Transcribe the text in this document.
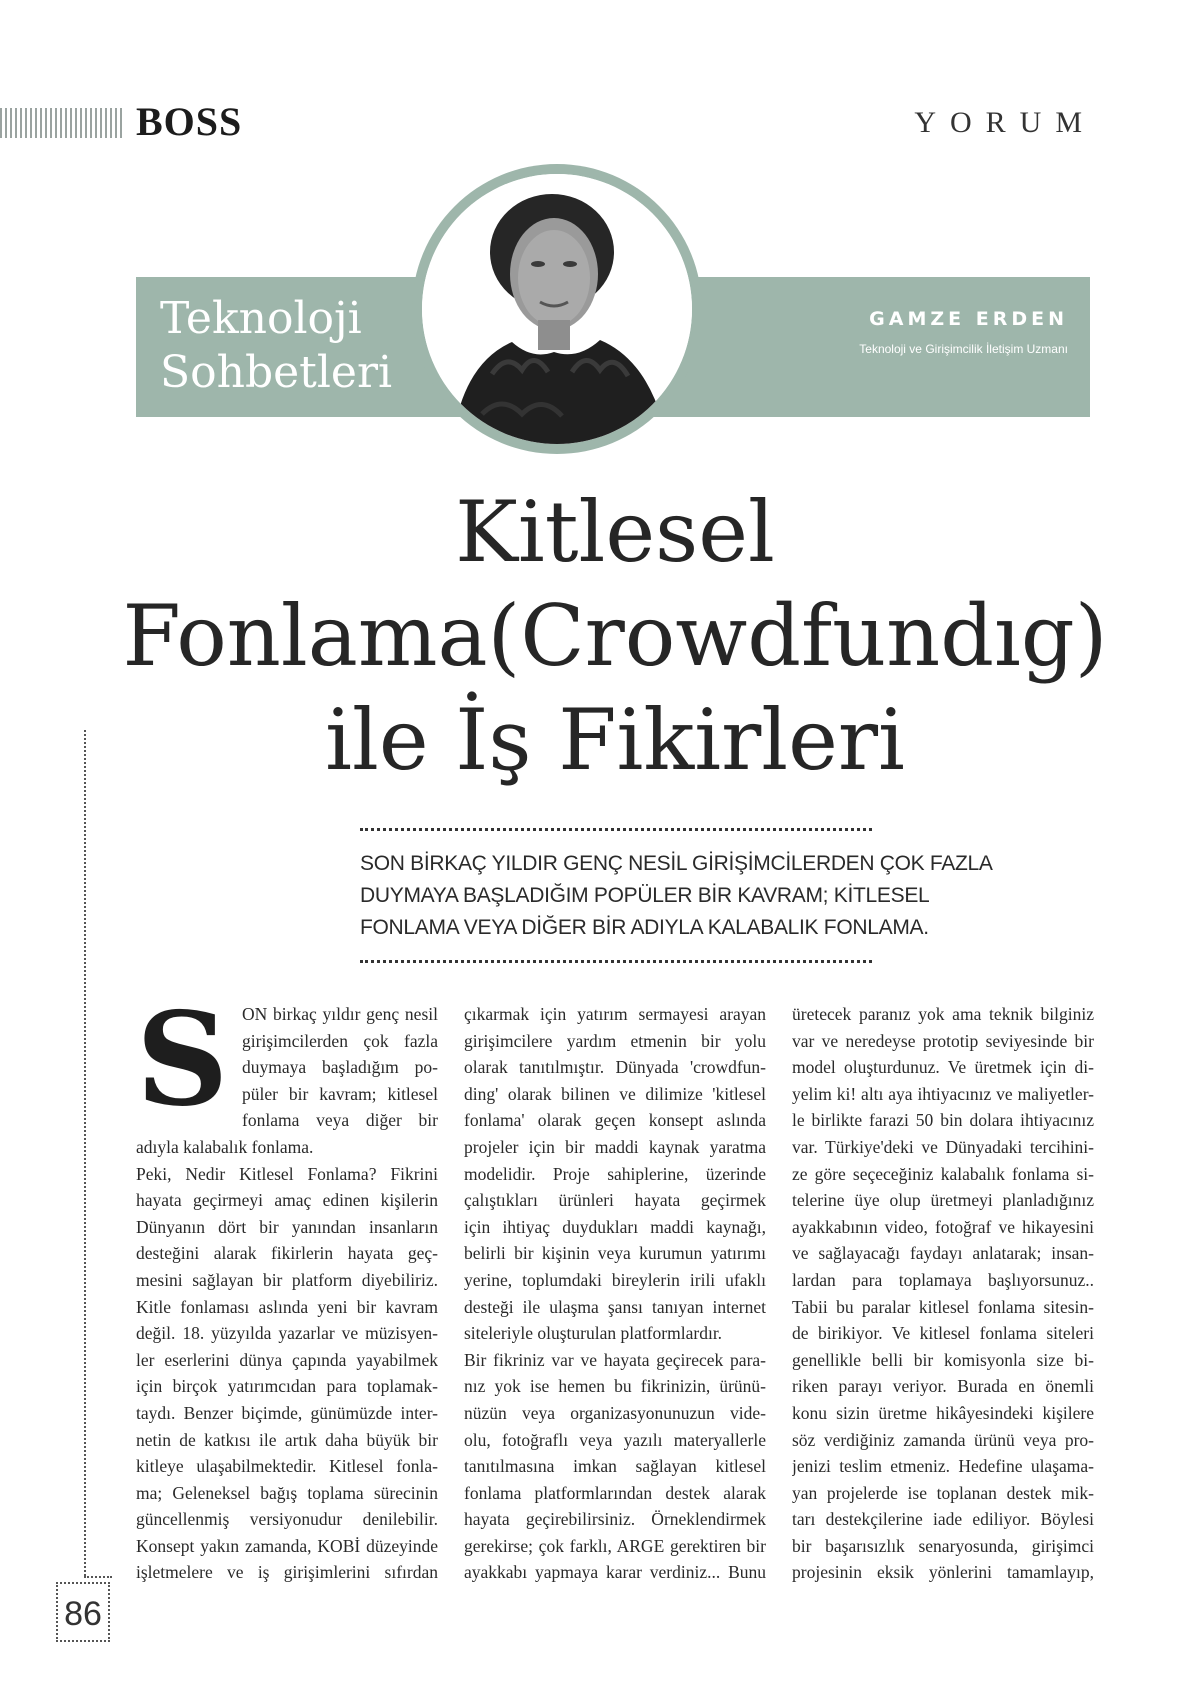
BOSS	YORUM
Teknoloji
Sohbetleri
GAMZE ERDEN
Teknoloji ve Girişimcilik İletişim Uzmanı
Kitlesel
Fonlama(Crowdfundıg)
ile İş Fikirleri
SON BİRKAÇ YILDIR GENÇ NESİL GİRİŞİMCİLERDEN ÇOK FAZLA
DUYMAYA BAŞLADIĞIM POPÜLER BİR KAVRAM; KİTLESEL
FONLAMA VEYA DİĞER BİR ADIYLA KALABALIK FONLAMA.
86
S ON birkaç yıldır genç nesil
girişimcilerden çok fazla
duymaya başladığım po-
püler bir kavram; kitlesel
fonlama veya diğer bir
adıyla kalabalık fonlama.
Peki, Nedir Kitlesel Fonlama? Fikrini
hayata geçirmeyi amaç edinen kişilerin
Dünyanın dört bir yanından insanların
desteğini alarak fikirlerin hayata geç-
mesini sağlayan bir platform diyebiliriz.
Kitle fonlaması aslında yeni bir kavram
değil. 18. yüzyılda yazarlar ve müzisyen-
ler eserlerini dünya çapında yayabilmek
için birçok yatırımcıdan para toplamak-
taydı. Benzer biçimde, günümüzde inter-
netin de katkısı ile artık daha büyük bir
kitleye ulaşabilmektedir. Kitlesel fonla-
ma; Geleneksel bağış toplama sürecinin
güncellenmiş versiyonudur denilebilir.
Konsept yakın zamanda, KOBİ düzeyinde
işletmelere ve iş girişimlerini sıfırdan
çıkarmak için yatırım sermayesi arayan
girişimcilere yardım etmenin bir yolu
olarak tanıtılmıştır. Dünyada 'crowdfun-
ding' olarak bilinen ve dilimize 'kitlesel
fonlama' olarak geçen konsept aslında
projeler için bir maddi kaynak yaratma
modelidir. Proje sahiplerine, üzerinde
çalıştıkları ürünleri hayata geçirmek
için ihtiyaç duydukları maddi kaynağı,
belirli bir kişinin veya kurumun yatırımı
yerine, toplumdaki bireylerin irili ufaklı
desteği ile ulaşma şansı tanıyan internet
siteleriyle oluşturulan platformlardır.
Bir fikriniz var ve hayata geçirecek para-
nız yok ise hemen bu fikrinizin, ürünü-
nüzün veya organizasyonunuzun vide-
olu, fotoğraflı veya yazılı materyallerle
tanıtılmasına imkan sağlayan kitlesel
fonlama platformlarından destek alarak
hayata geçirebilirsiniz. Örneklendirmek
gerekirse; çok farklı, ARGE gerektiren bir
ayakkabı yapmaya karar verdiniz... Bunu
üretecek paranız yok ama teknik bilginiz
var ve neredeyse prototip seviyesinde bir
model oluşturdunuz. Ve üretmek için di-
yelim ki! altı aya ihtiyacınız ve maliyetler-
le birlikte farazi 50 bin dolara ihtiyacınız
var. Türkiye'deki ve Dünyadaki tercihini-
ze göre seçeceğiniz kalabalık fonlama si-
telerine üye olup üretmeyi planladığınız
ayakkabının video, fotoğraf ve hikayesini
ve sağlayacağı faydayı anlatarak; insan-
lardan para toplamaya başlıyorsunuz..
Tabii bu paralar kitlesel fonlama sitesin-
de birikiyor. Ve kitlesel fonlama siteleri
genellikle belli bir komisyonla size bi-
riken parayı veriyor. Burada en önemli
konu sizin üretme hikâyesindeki kişilere
söz verdiğiniz zamanda ürünü veya pro-
jenizi teslim etmeniz. Hedefine ulaşama-
yan projelerde ise toplanan destek mik-
tarı destekçilerine iade ediliyor. Böylesi
bir başarısızlık senaryosunda, girişimci
projesinin eksik yönlerini tamamlayıp,
